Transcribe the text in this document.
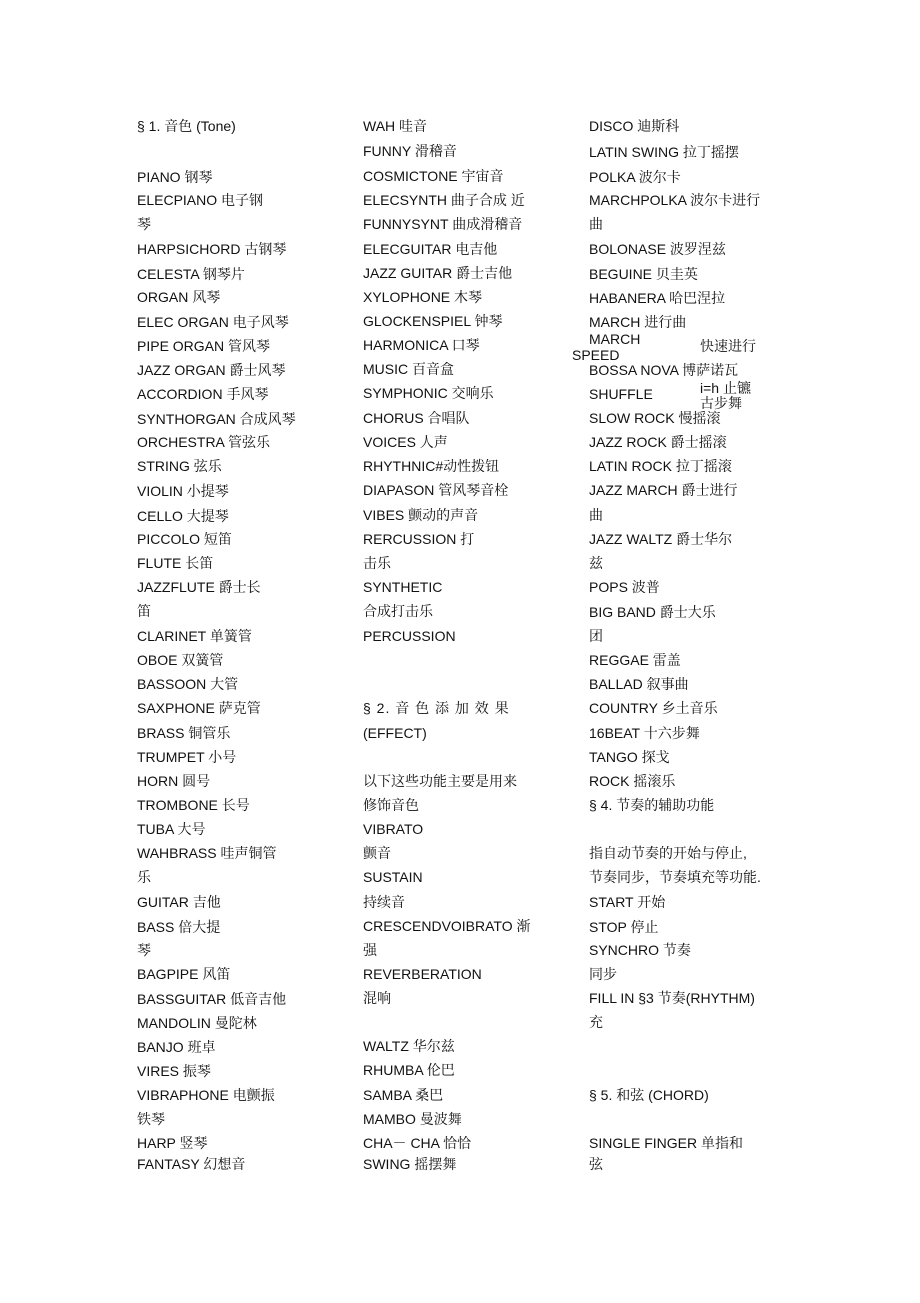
§ 1. 音色 (Tone)
PIANO 钢琴
ELECPIANO 电子钢
琴
HARPSICHORD 古钢琴
CELESTA 钢琴片
ORGAN 风琴
ELEC ORGAN 电子风琴
PIPE ORGAN 管风琴
JAZZ ORGAN 爵士风琴
ACCORDION 手风琴
SYNTHORGAN 合成风琴
ORCHESTRA 管弦乐
STRING 弦乐
VIOLIN 小提琴
CELLO 大提琴
PICCOLO 短笛
FLUTE 长笛
JAZZFLUTE 爵士长
笛
CLARINET 单簧管
OBOE 双簧管
BASSOON 大管
SAXPHONE 萨克管
BRASS 铜管乐
TRUMPET 小号
HORN 圆号
TROMBONE 长号
TUBA 大号
WAHBRASS 哇声铜管
乐
GUITAR 吉他
BASS 倍大提
琴
BAGPIPE 风笛
BASSGUITAR 低音吉他
MANDOLIN 曼陀林
BANJO 班卓
VIRES 振琴
VIBRAPHONE 电颤振
铁琴
HARP 竖琴
FANTASY 幻想音
WAH 哇音
FUNNY 滑稽音
COSMICTONE 宇宙音
ELECSYNTH 曲子合成 近
FUNNYSYNT 曲成滑稽音
ELECGUITAR 电吉他
JAZZ GUITAR 爵士吉他
XYLOPHONE 木琴
GLOCKENSPIEL 钟琴
HARMONICA 口琴
MUSIC 百音盒
SYMPHONIC 交响乐
CHORUS 合唱队
VOICES 人声
RHYTHNIC#动性拨钮
DIAPASON 管风琴音栓
VIBES 颤动的声音
RERCUSSION 打
击乐
SYNTHETIC
合成打击乐
PERCUSSION
§ 2. 音 色 添 加 效 果
(EFFECT)
以下这些功能主要是用来
修饰音色
VIBRATO
颤音
SUSTAIN
持续音
CRESCENDVOIBRATO 渐
强
REVERBERATION
混响
WALTZ 华尔兹
RHUMBA 伦巴
SAMBA 桑巴
MAMBO 曼波舞
CHA－ CHA 恰恰
SWING 摇摆舞
DISCO 迪斯科
LATIN SWING 拉丁摇摆
POLKA 波尔卡
MARCHPOLKA 波尔卡进行
曲
BOLONASE 波罗涅兹
BEGUINE 贝圭英
HABANERA 哈巴涅拉
MARCH 进行曲
MARCH
SPEED
快速进行
BOSSA NOVA 博萨诺瓦
SHUFFLE	i=h 止镳
古步舞
SLOW ROCK 慢摇滚
JAZZ ROCK 爵士摇滚
LATIN ROCK 拉丁摇滚
JAZZ MARCH 爵士进行
曲
JAZZ WALTZ 爵士华尔
兹
POPS 波普
BIG BAND 爵士大乐
团
REGGAE 雷盖
BALLAD 叙事曲
COUNTRY 乡土音乐
16BEAT 十六步舞
TANGO 探戈
ROCK 摇滚乐
§ 4. 节奏的辅助功能
指自动节奏的开始与停止,
节奏同步，节奏填充等功能.
START 开始
STOP 停止
SYNCHRO 节奏
同步
FILL IN §3 节奏(RHYTHM)
充
§ 5. 和弦 (CHORD)
SINGLE FINGER 单指和
弦
